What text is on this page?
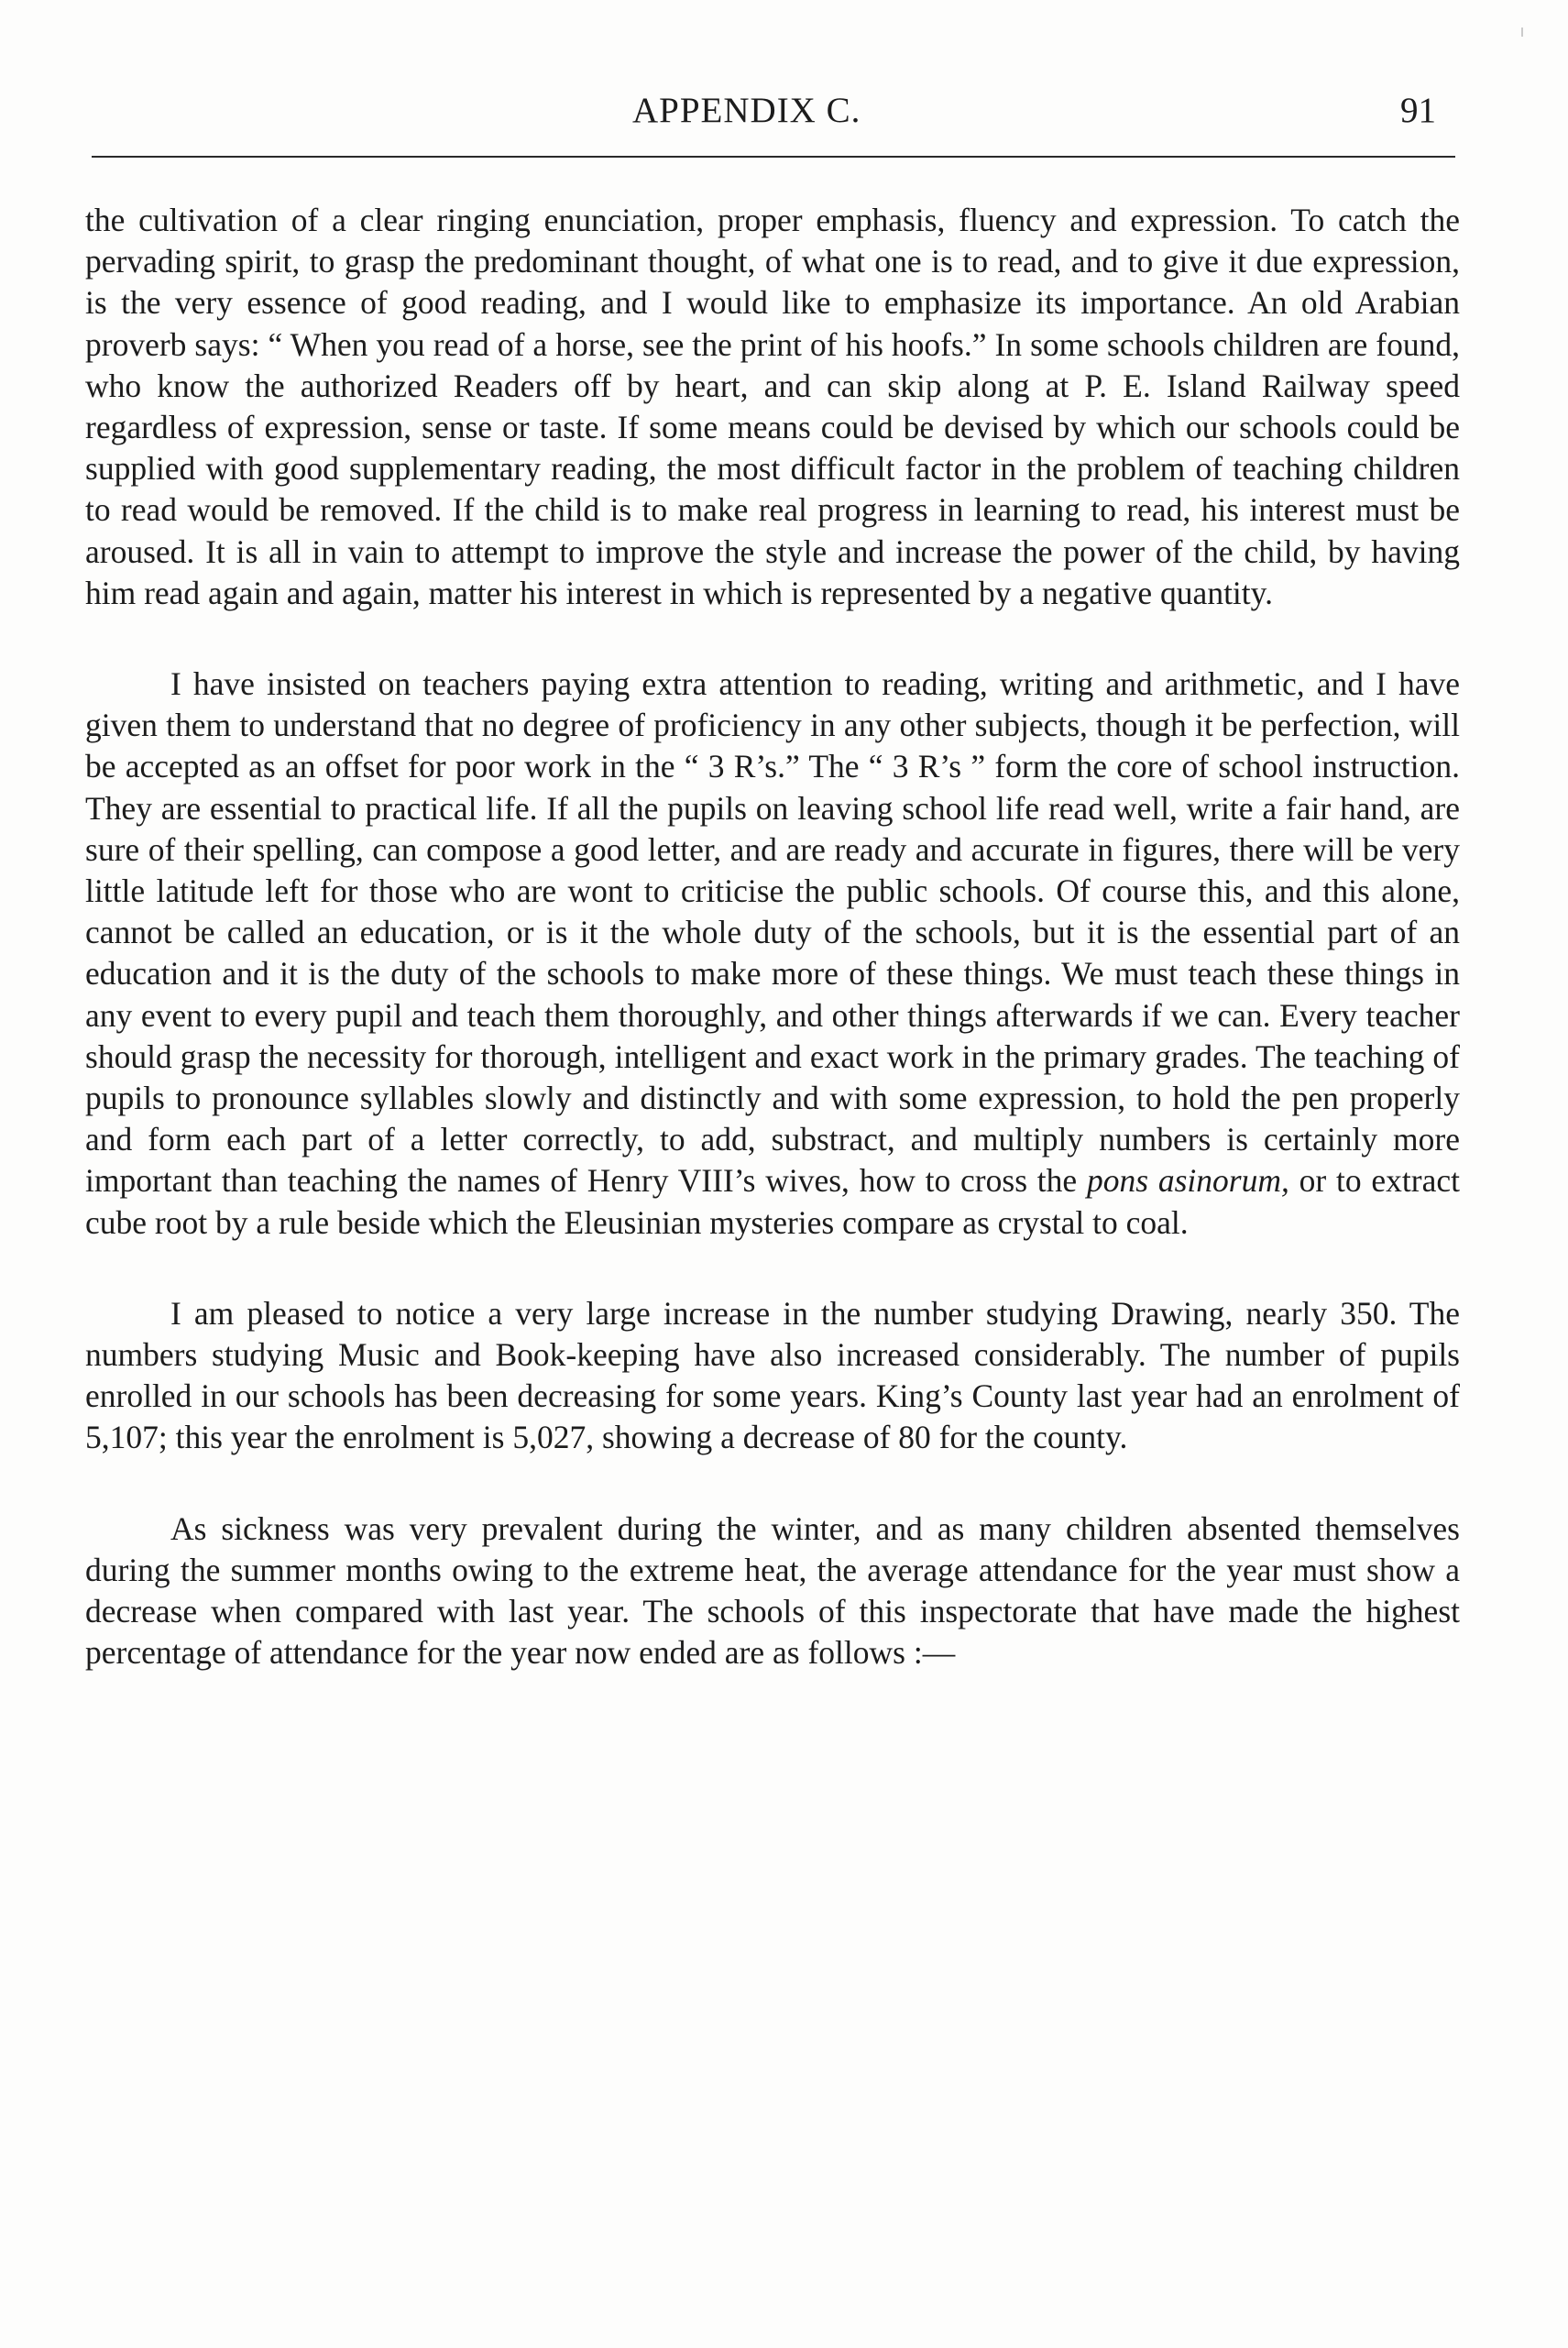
APPENDIX C.	91

the cultivation of a clear ringing enunciation, proper emphasis, fluency and expression. To catch the pervading spirit, to grasp the predominant thought, of what one is to read, and to give it due expression, is the very essence of good reading, and I would like to emphasize its importance. An old Arabian proverb says: “ When you read of a horse, see the print of his hoofs.” In some schools children are found, who know the authorized Readers off by heart, and can skip along at P. E. Island Railway speed regardless of expression, sense or taste. If some means could be devised by which our schools could be supplied with good supplementary reading, the most difficult factor in the problem of teaching children to read would be removed. If the child is to make real progress in learning to read, his interest must be aroused. It is all in vain to attempt to improve the style and increase the power of the child, by having him read again and again, matter his interest in which is represented by a negative quantity.

I have insisted on teachers paying extra attention to reading, writing and arithmetic, and I have given them to understand that no degree of proficiency in any other subjects, though it be perfection, will be accepted as an offset for poor work in the “ 3 R’s.” The “ 3 R’s ” form the core of school instruction. They are essential to practical life. If all the pupils on leaving school life read well, write a fair hand, are sure of their spelling, can compose a good letter, and are ready and accurate in figures, there will be very little latitude left for those who are wont to criticise the public schools. Of course this, and this alone, cannot be called an education, or is it the whole duty of the schools, but it is the essential part of an education and it is the duty of the schools to make more of these things. We must teach these things in any event to every pupil and teach them thoroughly, and other things afterwards if we can. Every teacher should grasp the necessity for thorough, intelligent and exact work in the primary grades. The teaching of pupils to pronounce syllables slowly and distinctly and with some expression, to hold the pen properly and form each part of a letter correctly, to add, substract, and multiply numbers is certainly more important than teaching the names of Henry VIII’s wives, how to cross the pons asinorum, or to extract cube root by a rule beside which the Eleusinian mysteries compare as crystal to coal.

I am pleased to notice a very large increase in the number studying Drawing, nearly 350. The numbers studying Music and Book-keeping have also increased considerably. The number of pupils enrolled in our schools has been decreasing for some years. King’s County last year had an enrolment of 5,107; this year the enrolment is 5,027, showing a decrease of 80 for the county.

As sickness was very prevalent during the winter, and as many children absented themselves during the summer months owing to the extreme heat, the average attendance for the year must show a decrease when compared with last year. The schools of this inspectorate that have made the highest percentage of attendance for the year now ended are as follows :—
